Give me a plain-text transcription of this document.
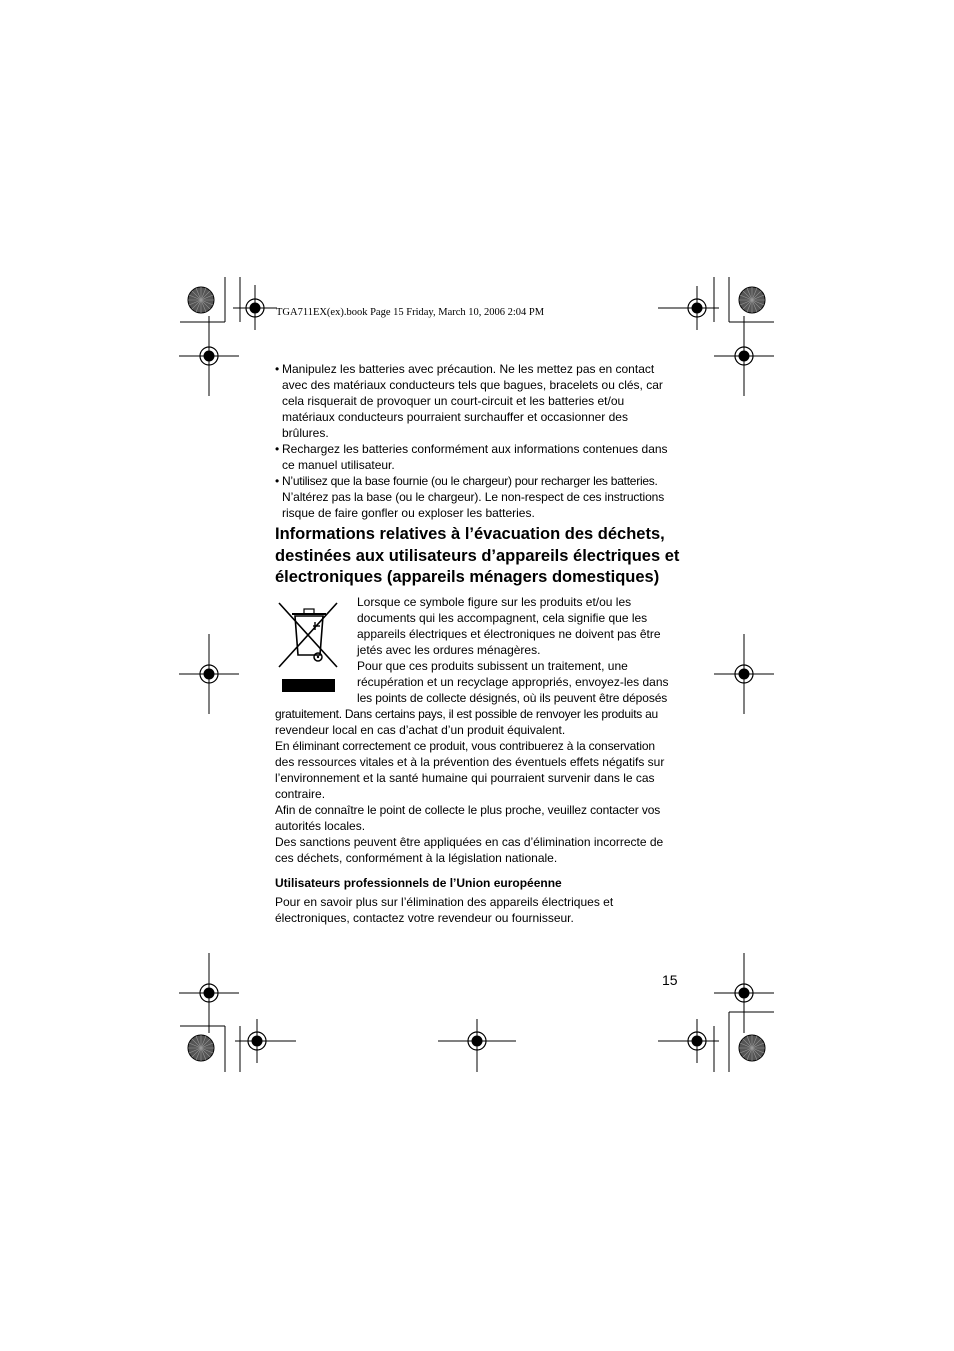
TGA711EX(ex).book Page 15 Friday, March 10, 2006 2:04 PM
• Manipulez les batteries avec précaution. Ne les mettez pas en contact
avec des matériaux conducteurs tels que bagues, bracelets ou clés, car
cela risquerait de provoquer un court-circuit et les batteries et/ou
matériaux conducteurs pourraient surchauffer et occasionner des
brûlures.
• Rechargez les batteries conformément aux informations contenues dans
ce manuel utilisateur.
• N’utilisez que la base fournie (ou le chargeur) pour recharger les batteries.
N’altérez pas la base (ou le chargeur). Le non-respect de ces instructions
risque de faire gonfler ou exploser les batteries.
Informations relatives à l’évacuation des déchets,
destinées aux utilisateurs d’appareils électriques et
électroniques (appareils ménagers domestiques)
Lorsque ce symbole figure sur les produits et/ou les
documents qui les accompagnent, cela signifie que les
appareils électriques et électroniques ne doivent pas être
jetés avec les ordures ménagères.
Pour que ces produits subissent un traitement, une
récupération et un recyclage appropriés, envoyez-les dans
les points de collecte désignés, où ils peuvent être déposés
gratuitement. Dans certains pays, il est possible de renvoyer les produits au
revendeur local en cas d’achat d’un produit équivalent.
En éliminant correctement ce produit, vous contribuerez à la conservation
des ressources vitales et à la prévention des éventuels effets négatifs sur
l’environnement et la santé humaine qui pourraient survenir dans le cas
contraire.
Afin de connaître le point de collecte le plus proche, veuillez contacter vos
autorités locales.
Des sanctions peuvent être appliquées en cas d’élimination incorrecte de
ces déchets, conformément à la législation nationale.
Utilisateurs professionnels de l’Union européenne
Pour en savoir plus sur l’élimination des appareils électriques et
électroniques, contactez votre revendeur ou fournisseur.
15
